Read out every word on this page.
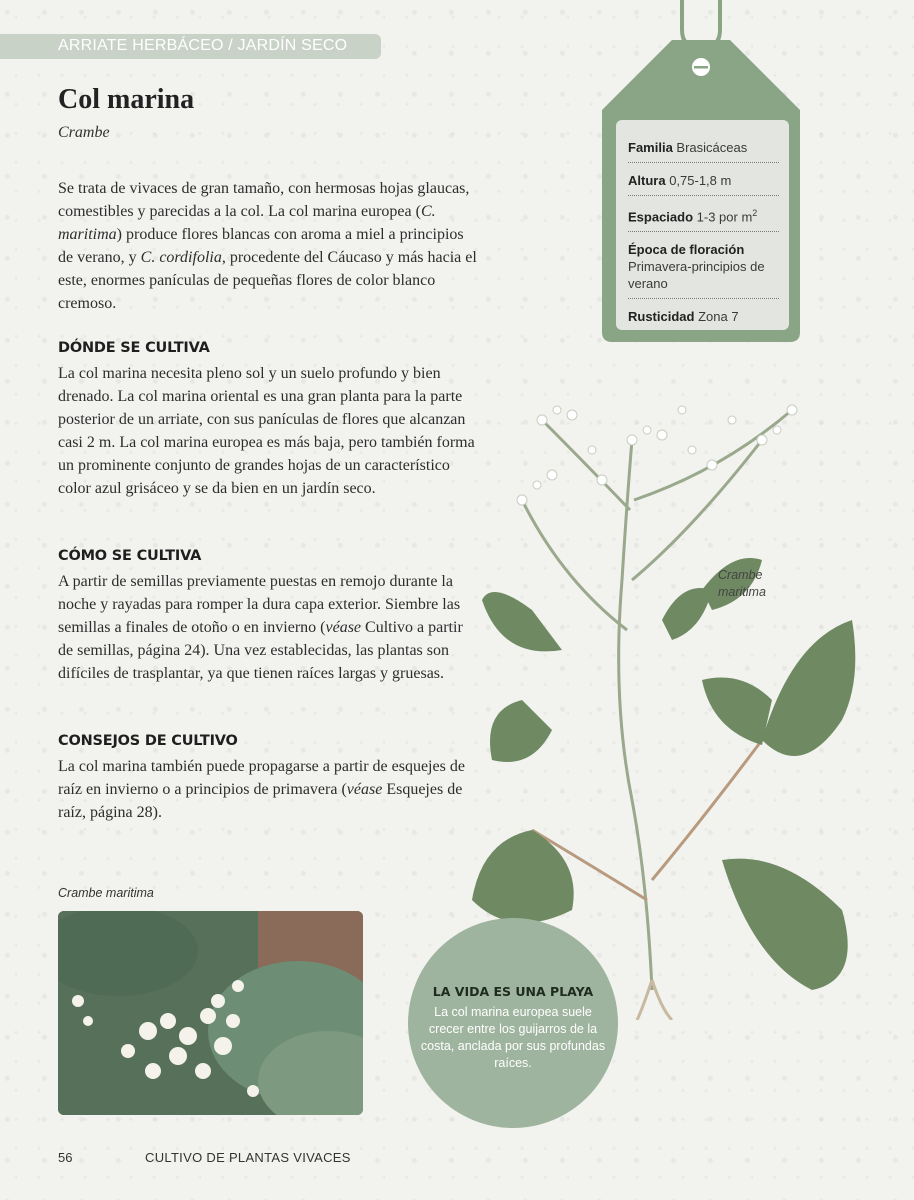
ARRIATE HERBÁCEO / JARDÍN SECO
Col marina
Crambe

Se trata de vivaces de gran tamaño, con hermosas hojas glaucas, comestibles y parecidas a la col. La col marina europea (C. maritima) produce flores blancas con aroma a miel a principios de verano, y C. cordifolia, procedente del Cáucaso y más hacia el este, enormes panículas de pequeñas flores de color blanco cremoso.

DÓNDE SE CULTIVA

La col marina necesita pleno sol y un suelo profundo y bien drenado. La col marina oriental es una gran planta para la parte posterior de un arriate, con sus panículas de flores que alcanzan casi 2 m. La col marina europea es más baja, pero también forma un prominente conjunto de grandes hojas de un característico color azul grisáceo y se da bien en un jardín seco.

CÓMO SE CULTIVA

A partir de semillas previamente puestas en remojo durante la noche y rayadas para romper la dura capa exterior. Siembre las semillas a finales de otoño o en invierno (véase Cultivo a partir de semillas, página 24). Una vez establecidas, las plantas son difíciles de trasplantar, ya que tienen raíces largas y gruesas.

CONSEJOS DE CULTIVO

La col marina también puede propagarse a partir de esquejes de raíz en invierno o a principios de primavera (véase Esquejes de raíz, página 28).

Familia Brasicáceas
Altura 0,75-1,8 m
Espaciado 1-3 por $m^2$
Época de floración
Primavera-principios de verano
Rusticidad Zona 7
Crambe
maritima
Crambe maritima
LA VIDA ES UNA PLAYA
La col marina europea suele crecer entre los guijarros de la costa, anclada por sus profundas raíces.
56	CULTIVO DE PLANTAS VIVACES
